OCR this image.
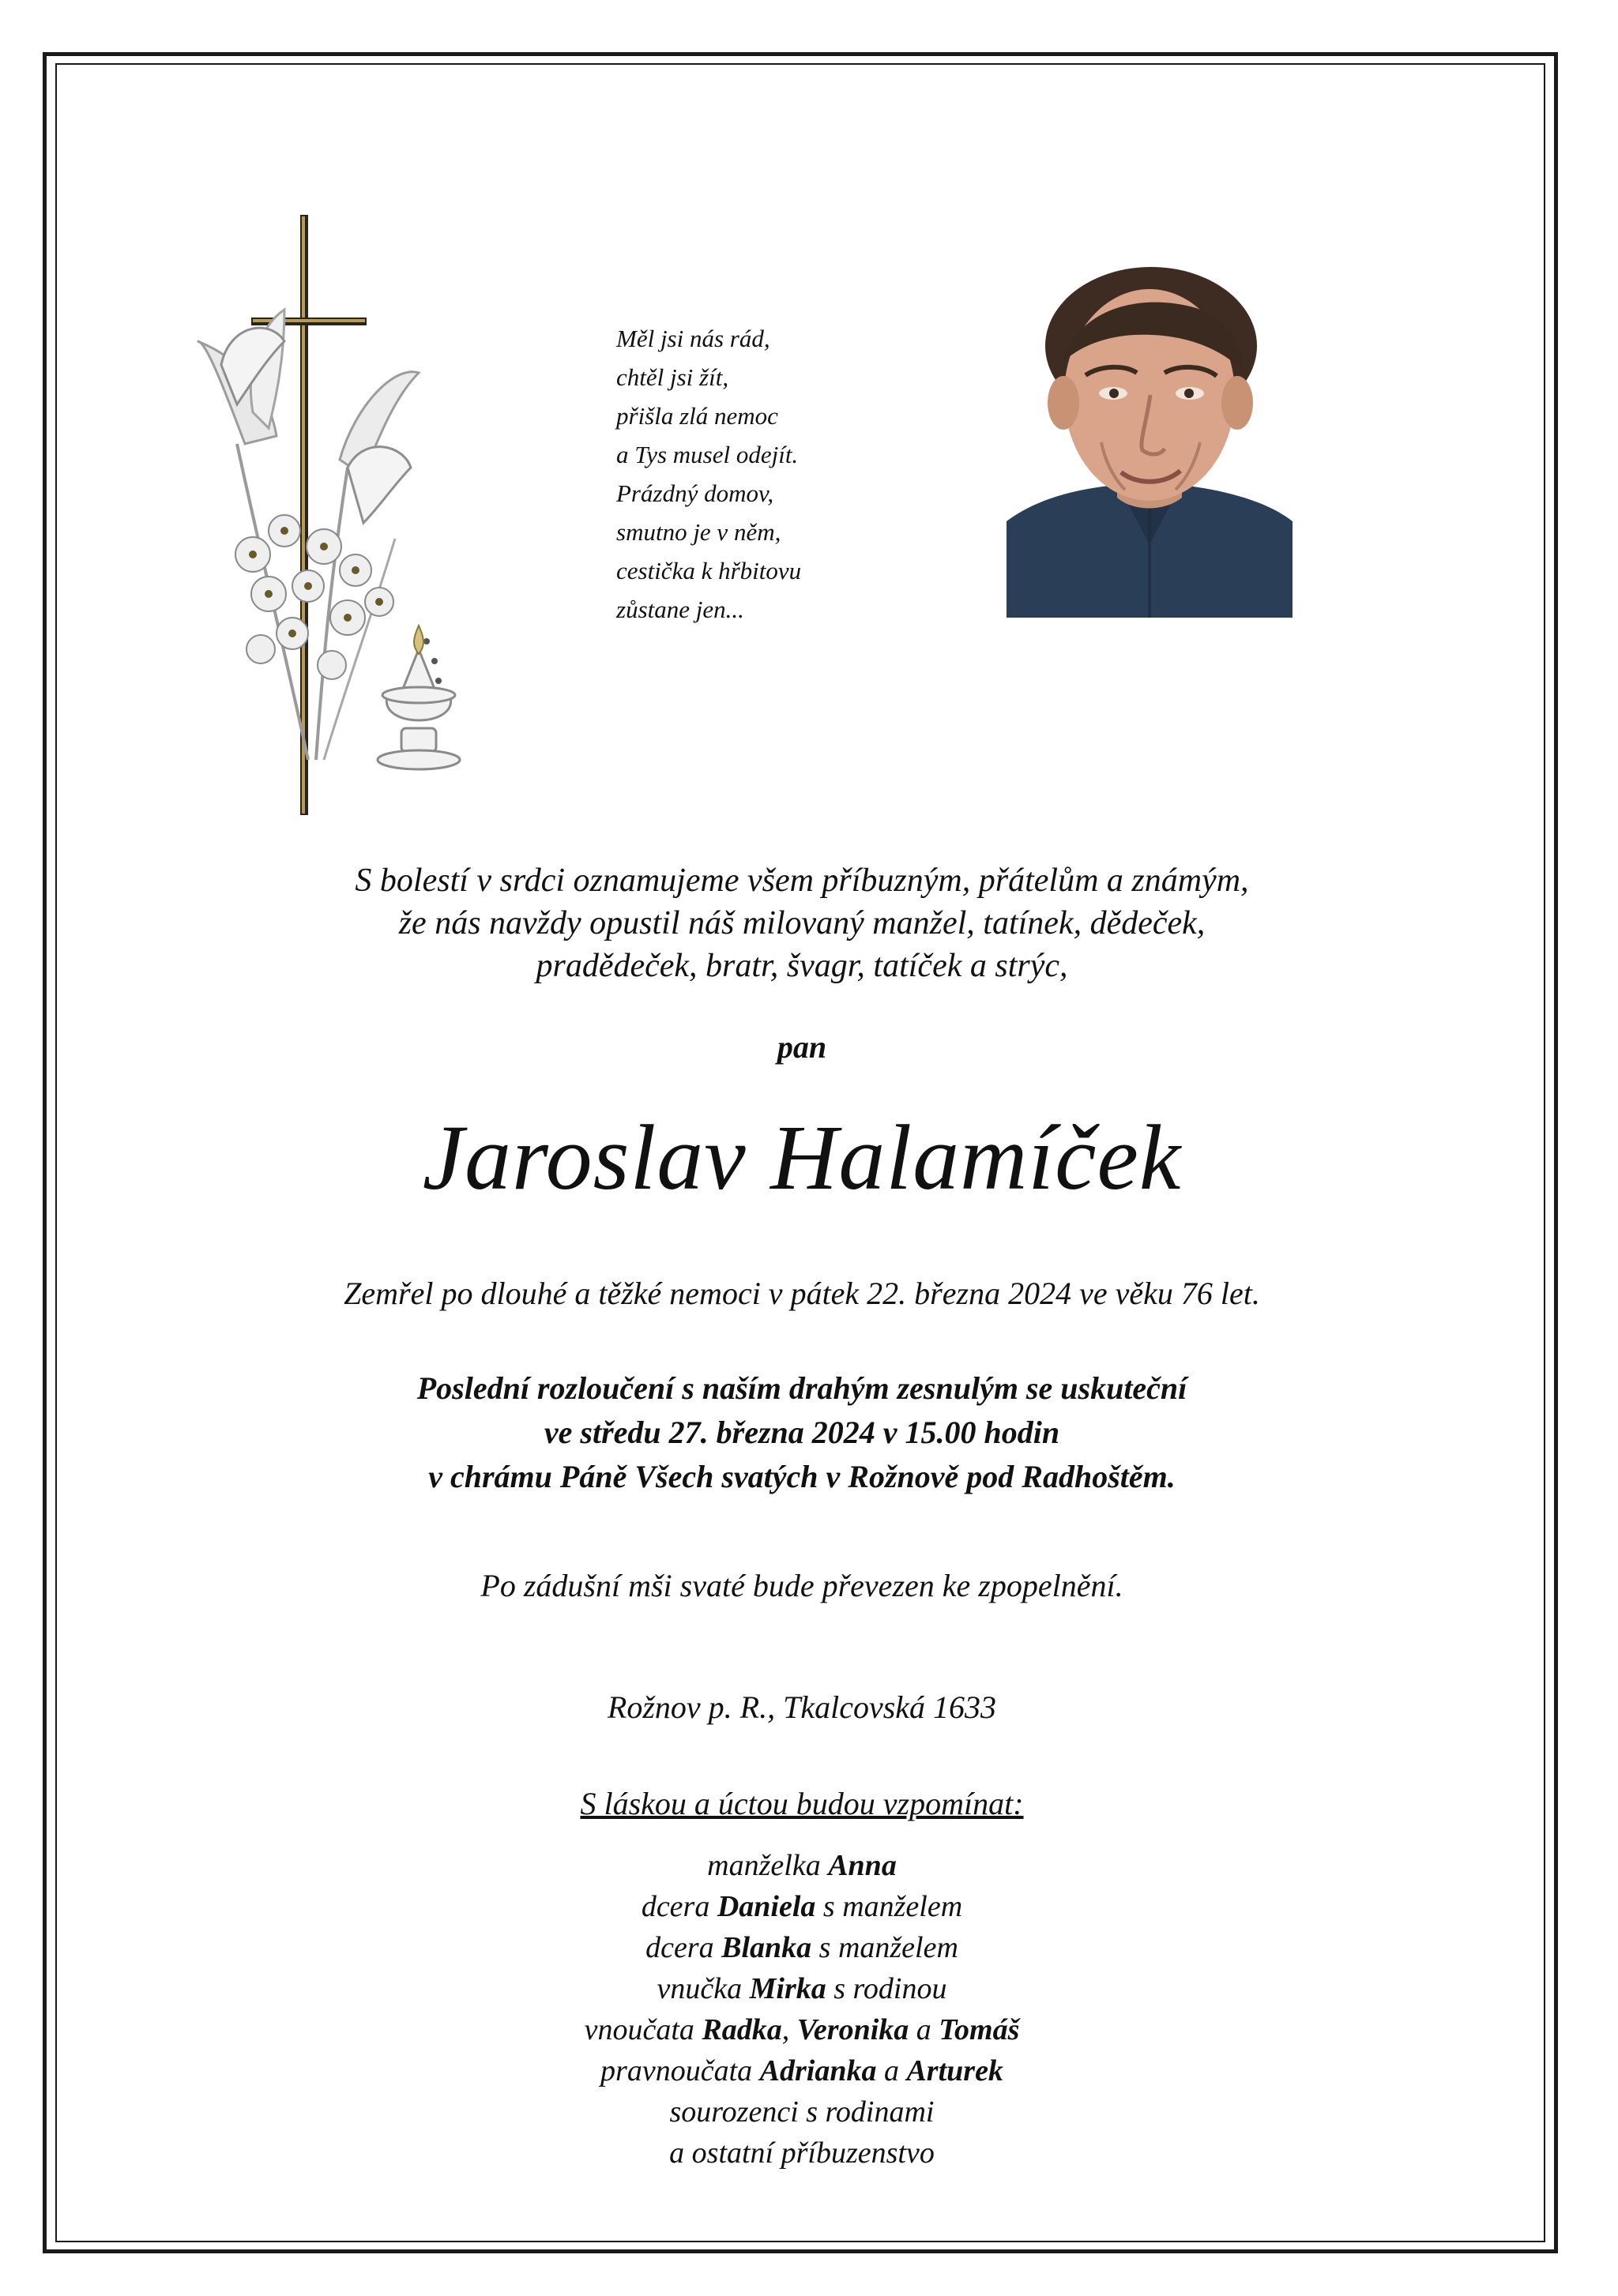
Měl jsi nás rád,
chtěl jsi žít,
přišla zlá nemoc
a Tys musel odejít.
Prázdný domov,
smutno je v něm,
cestička k hřbitovu
zůstane jen...
S bolestí v srdci oznamujeme všem příbuzným, přátelům a známým,
že nás navždy opustil náš milovaný manžel, tatínek, dědeček,
pradědeček, bratr, švagr, tatíček a strýc,
pan
Jaroslav Halamíček
Zemřel po dlouhé a těžké nemoci v pátek 22. března 2024 ve věku 76 let.
Poslední rozloučení s naším drahým zesnulým se uskuteční
ve středu 27. března 2024 v 15.00 hodin
v chrámu Páně Všech svatých v Rožnově pod Radhoštěm.
Po zádušní mši svaté bude převezen ke zpopelnění.
Rožnov p. R., Tkalcovská 1633
S láskou a úctou budou vzpomínat:
manželka Anna
dcera Daniela s manželem
dcera Blanka s manželem
vnučka Mirka s rodinou
vnoučata Radka, Veronika a Tomáš
pravnoučata Adrianka a Arturek
sourozenci s rodinami
a ostatní příbuzenstvo
